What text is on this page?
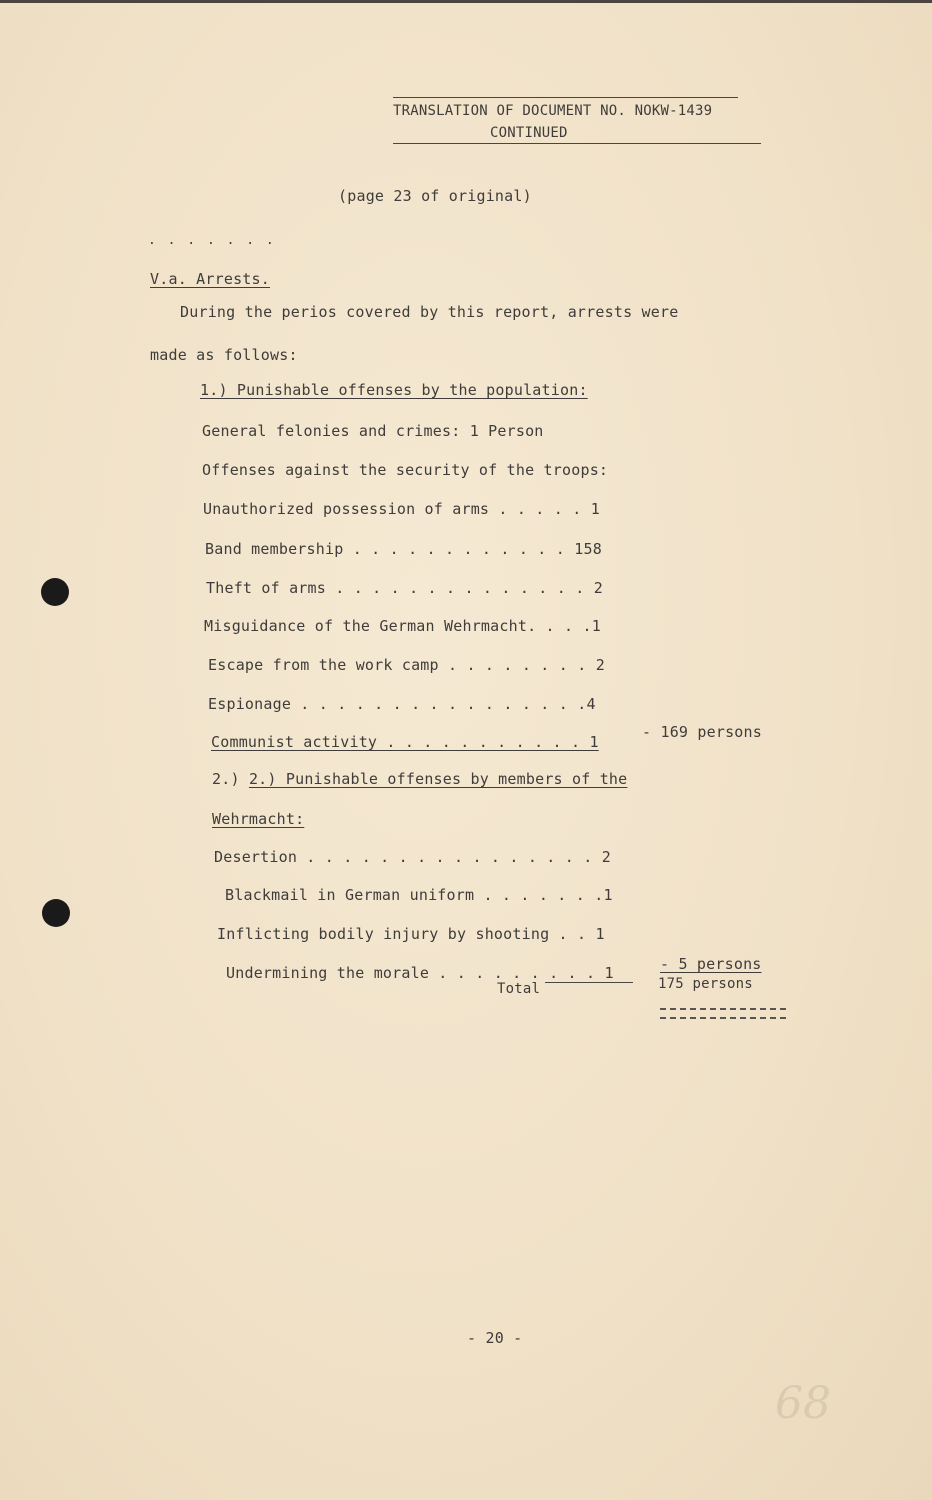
TRANSLATION OF DOCUMENT NO. NOKW-1439
CONTINUED
(page 23 of original)
. . . . . . .
V.a. Arrests.
During the perios covered by this report, arrests were
made as follows:
1.) Punishable offenses by the population:
General felonies and crimes: 1 Person
Offenses against the security of the troops:
Unauthorized possession of arms . . . . . 1
Band membership . . . . . . . . . . . . 158
Theft of arms . . . . . . . . . . . . . . 2
Misguidance of the German Wehrmacht. . . .1
Escape from the work camp . . . . . . . . 2
Espionage . . . . . . . . . . . . . . . .4
Communist activity . . . . . . . . . . . 1
- 169 persons
2.) 2.) Punishable offenses by members of the
Wehrmacht:
Desertion . . . . . . . . . . . . . . . . 2
Blackmail in German uniform . . . . . . .1
Inflicting bodily injury by shooting . . 1
Undermining the morale . . . . . . . . . 1	- 5 persons
Total	175 persons
- 20 -
68
